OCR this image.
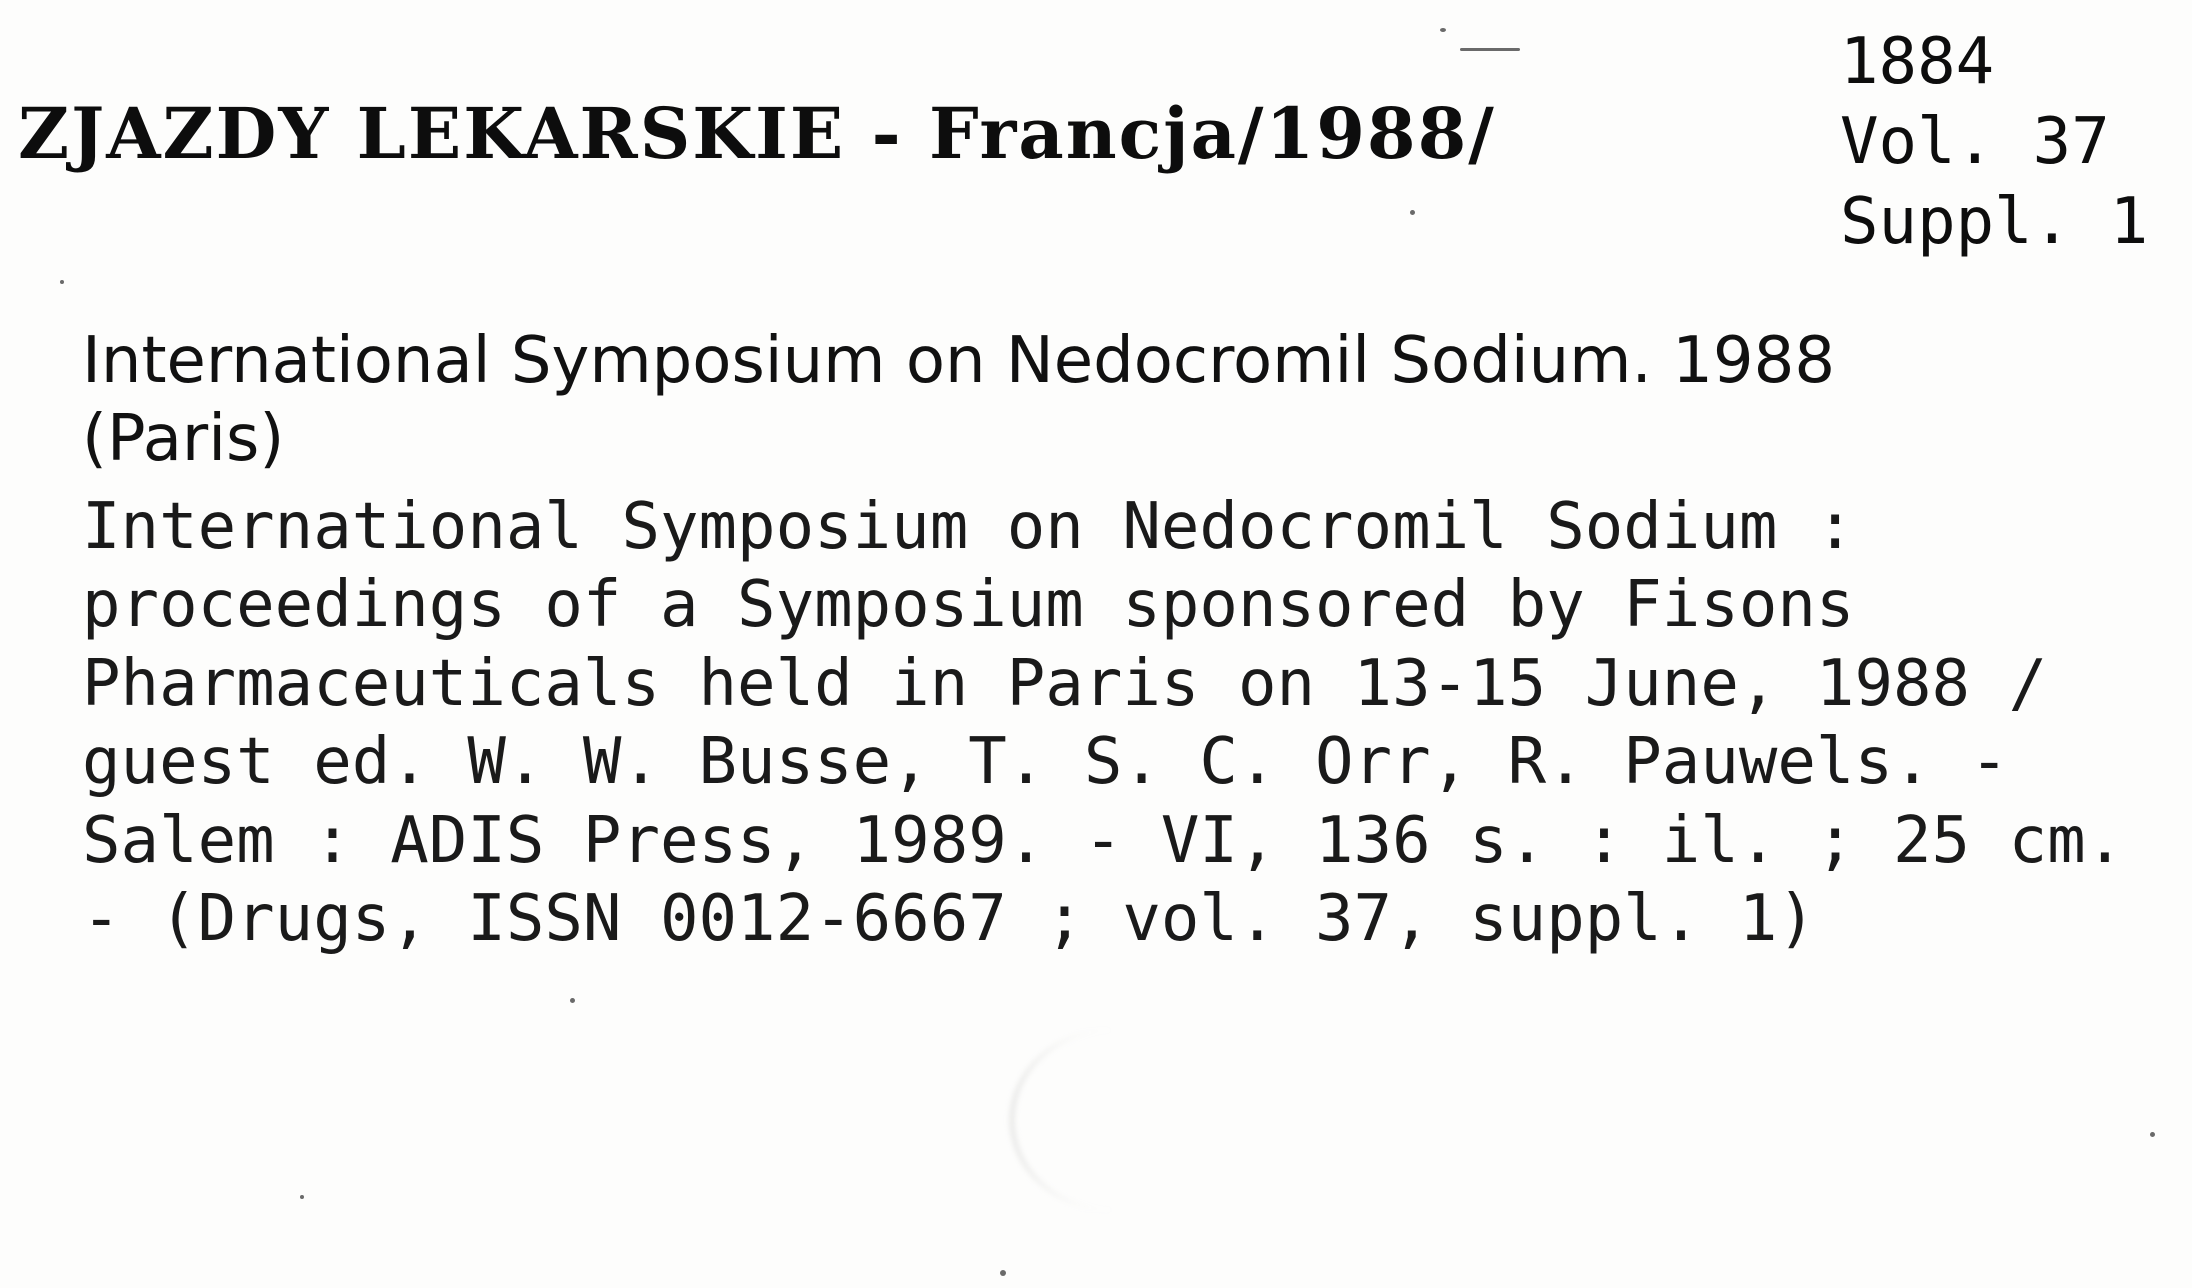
ZJAZDY LEKARSKIE - Francja/1988/
1884
Vol. 37
Suppl. 1
International Symposium on Nedocromil Sodium. 1988
(Paris)
International Symposium on Nedocromil Sodium :
proceedings of a Symposium sponsored by Fisons
Pharmaceuticals held in Paris on 13-15 June, 1988 /
guest ed. W. W. Busse, T. S. C. Orr, R. Pauwels. -
Salem : ADIS Press, 1989. - VI, 136 s. : il. ; 25 cm.
- (Drugs, ISSN 0012-6667 ; vol. 37, suppl. 1)
